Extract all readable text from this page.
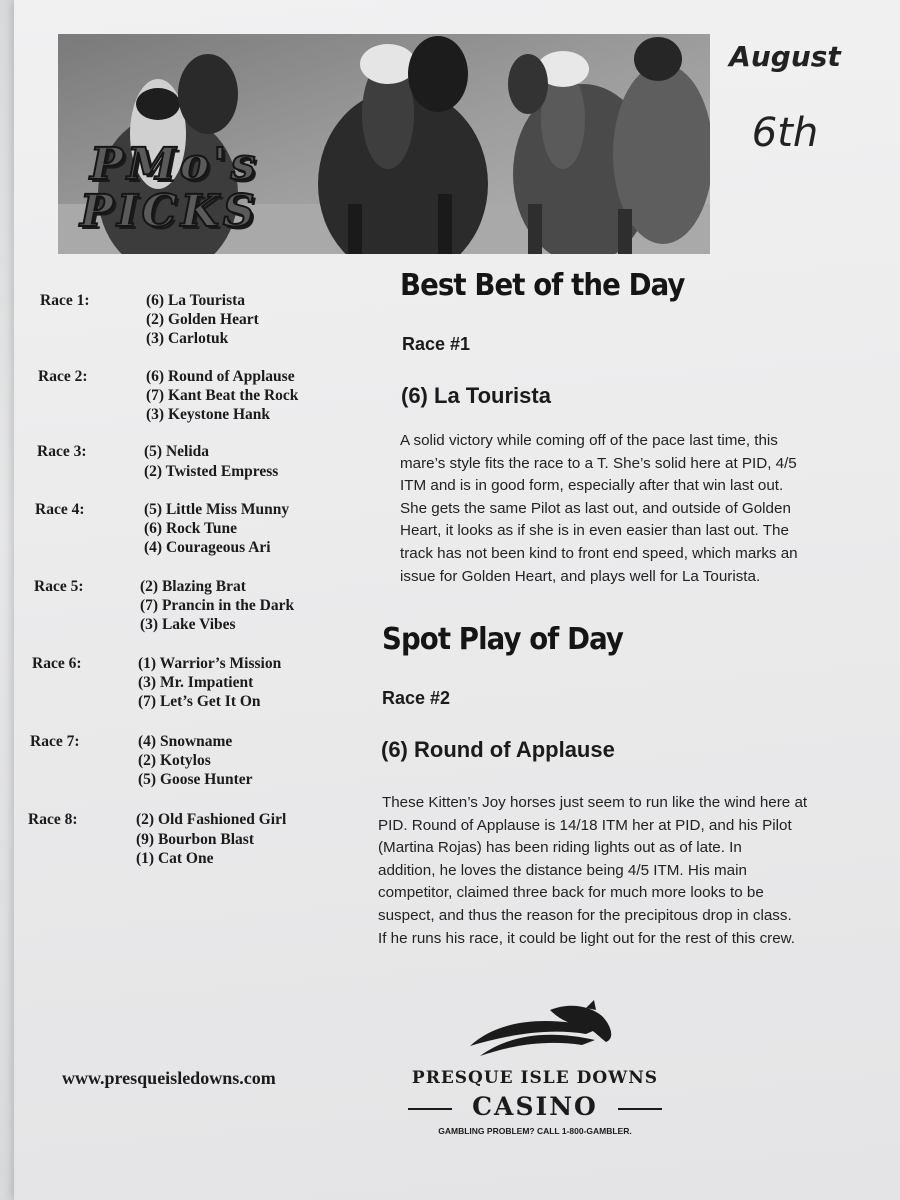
PMo's
PICKS
August
6th
Race 1:	(6) La Tourista
(2) Golden Heart
(3) Carlotuk
Race 2:	(6) Round of Applause
(7) Kant Beat the Rock
(3) Keystone Hank
Race 3:	(5) Nelida
(2) Twisted Empress
Race 4:	(5) Little Miss Munny
(6) Rock Tune
(4) Courageous Ari
Race 5:	(2) Blazing Brat
(7) Prancin in the Dark
(3) Lake Vibes
Race 6:	(1) Warrior’s Mission
(3) Mr. Impatient
(7) Let’s Get It On
Race 7:	(4) Snowname
(2) Kotylos
(5) Goose Hunter
Race 8:	(2) Old Fashioned Girl
(9) Bourbon Blast
(1) Cat One
Best Bet of the Day
Race #1
(6) La Tourista
A solid victory while coming off of the pace last time, this
mare’s style fits the race to a T. She’s solid here at PID, 4/5
ITM and is in good form, especially after that win last out.
She gets the same Pilot as last out, and outside of Golden
Heart, it looks as if she is in even easier than last out. The
track has not been kind to front end speed, which marks an
issue for Golden Heart, and plays well for La Tourista.
Spot Play of Day
Race #2
(6) Round of Applause
These Kitten’s Joy horses just seem to run like the wind here at
PID. Round of Applause is 14/18 ITM her at PID, and his Pilot
(Martina Rojas) has been riding lights out as of late. In
addition, he loves the distance being 4/5 ITM. His main
competitor, claimed three back for much more looks to be
suspect, and thus the reason for the precipitous drop in class.
If he runs his race, it could be light out for the rest of this crew.
www.presqueisledowns.com	PRESQUE ISLE DOWNS
CASINO
GAMBLING PROBLEM? CALL 1-800-GAMBLER.
